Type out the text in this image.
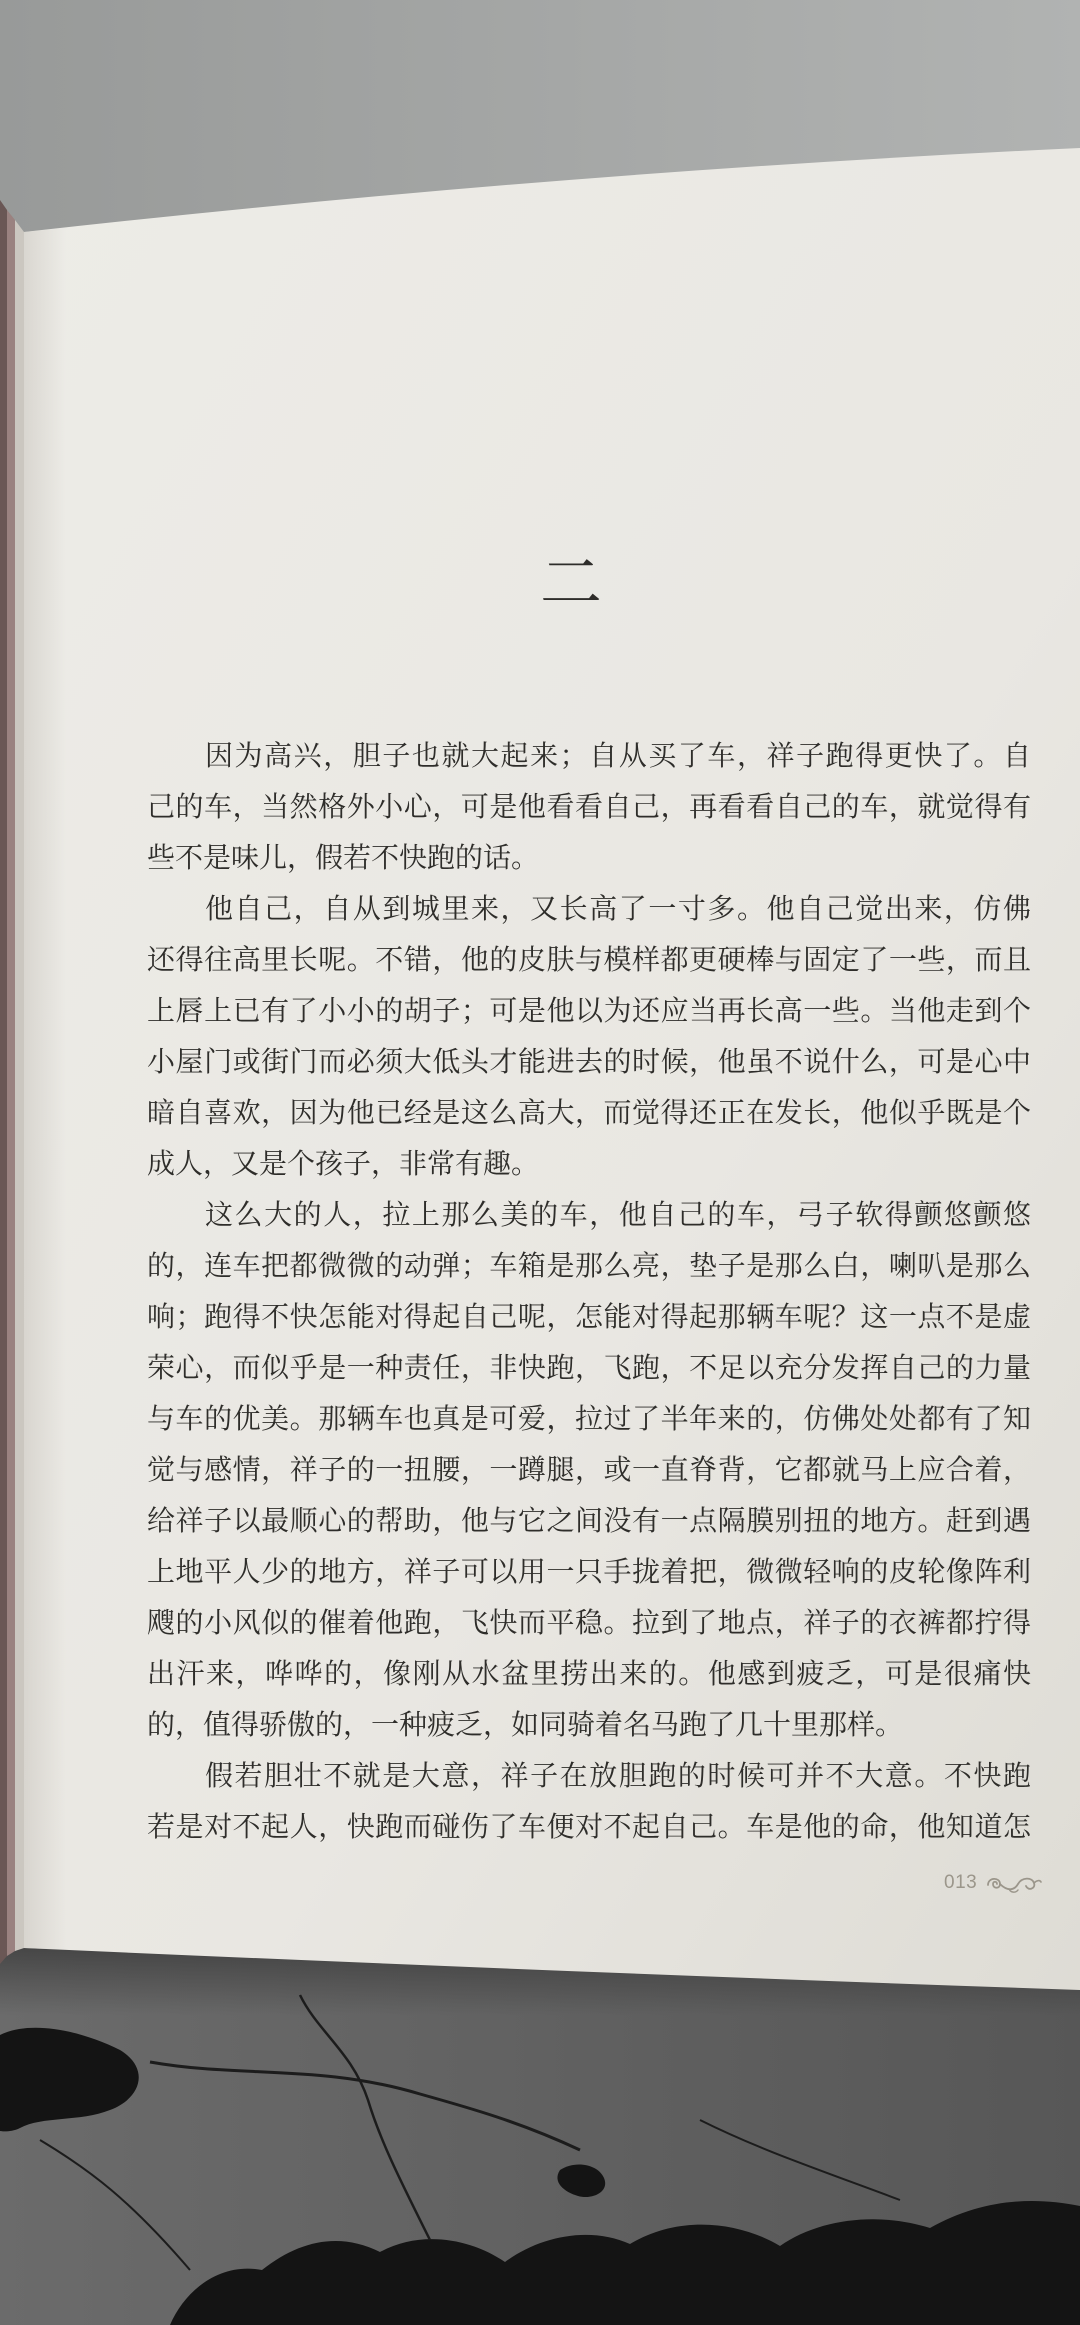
二
因为高兴，胆子也就大起来；自从买了车，祥子跑得更快了。自
己的车，当然格外小心，可是他看看自己，再看看自己的车，就觉得有
些不是味儿，假若不快跑的话。
他自己，自从到城里来，又长高了一寸多。他自己觉出来，仿佛
还得往高里长呢。不错，他的皮肤与模样都更硬棒与固定了一些，而且
上唇上已有了小小的胡子；可是他以为还应当再长高一些。当他走到个
小屋门或街门而必须大低头才能进去的时候，他虽不说什么，可是心中
暗自喜欢，因为他已经是这么高大，而觉得还正在发长，他似乎既是个
成人，又是个孩子，非常有趣。
这么大的人，拉上那么美的车，他自己的车，弓子软得颤悠颤悠
的，连车把都微微的动弹；车箱是那么亮，垫子是那么白，喇叭是那么
响；跑得不快怎能对得起自己呢，怎能对得起那辆车呢？这一点不是虚
荣心，而似乎是一种责任，非快跑，飞跑，不足以充分发挥自己的力量
与车的优美。那辆车也真是可爱，拉过了半年来的，仿佛处处都有了知
觉与感情，祥子的一扭腰，一蹲腿，或一直脊背，它都就马上应合着，
给祥子以最顺心的帮助，他与它之间没有一点隔膜别扭的地方。赶到遇
上地平人少的地方，祥子可以用一只手拢着把，微微轻响的皮轮像阵利
飕的小风似的催着他跑，飞快而平稳。拉到了地点，祥子的衣裤都拧得
出汗来，哗哗的，像刚从水盆里捞出来的。他感到疲乏，可是很痛快
的，值得骄傲的，一种疲乏，如同骑着名马跑了几十里那样。
假若胆壮不就是大意，祥子在放胆跑的时候可并不大意。不快跑
若是对不起人，快跑而碰伤了车便对不起自己。车是他的命，他知道怎
013
